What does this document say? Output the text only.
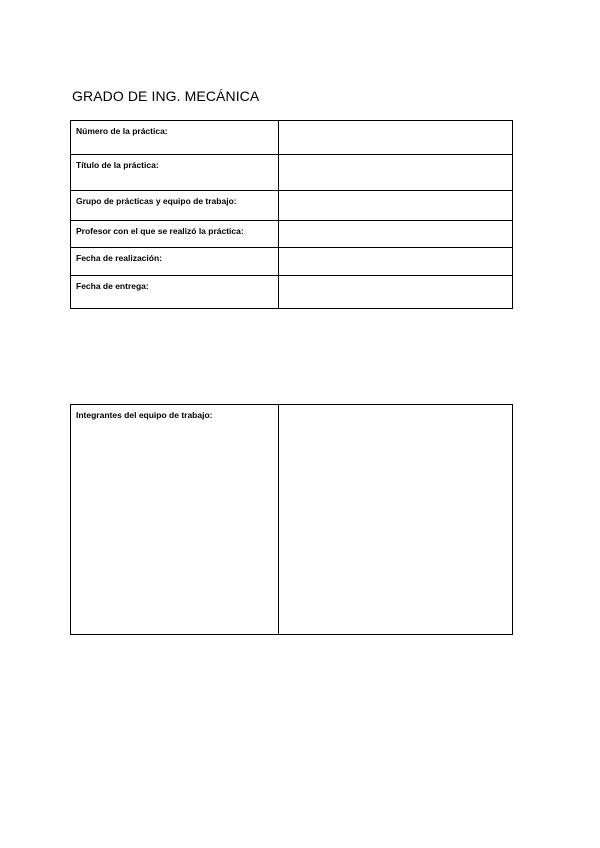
GRADO DE ING. MECÁNICA
Número de la práctica:	
Título de la práctica:	
Grupo de prácticas y equipo de trabajo:	
Profesor con el que se realizó la práctica:	
Fecha de realización:	
Fecha de entrega:	
Integrantes del equipo de trabajo:	
